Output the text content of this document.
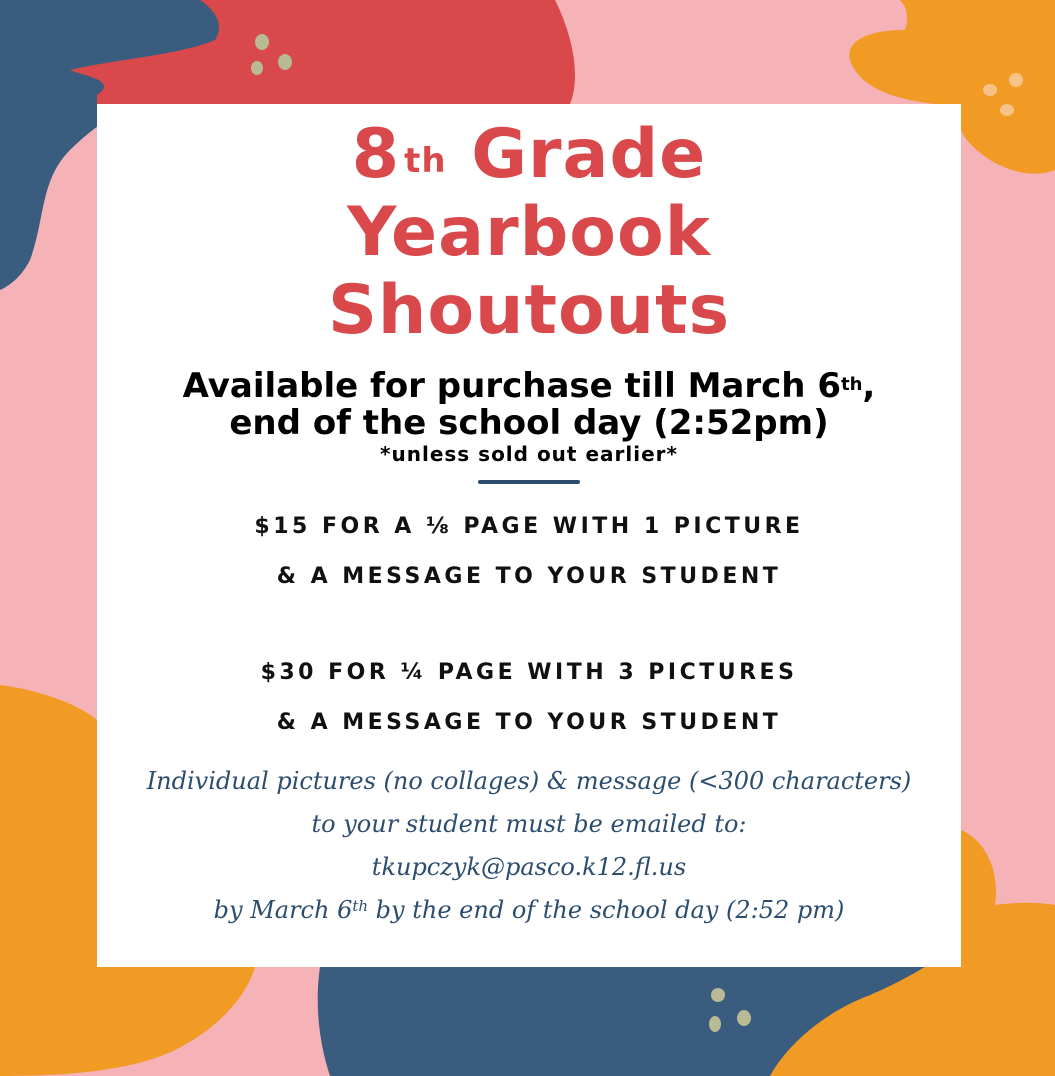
8 $^{th}$ Grade
Yearbook
Shoutouts
Available for purchase till March 6th,
end of the school day (2:52pm)
*unless sold out earlier*
$15 FOR A ⅛ PAGE WITH 1 PICTURE
& A MESSAGE TO YOUR STUDENT
$30 FOR ¼ PAGE WITH 3 PICTURES
& A MESSAGE TO YOUR STUDENT
Individual pictures (no collages) & message (<300 characters)
to your student must be emailed to:
tkupczyk@pasco.k12.fl.us
by March 6th by the end of the school day (2:52 pm)
